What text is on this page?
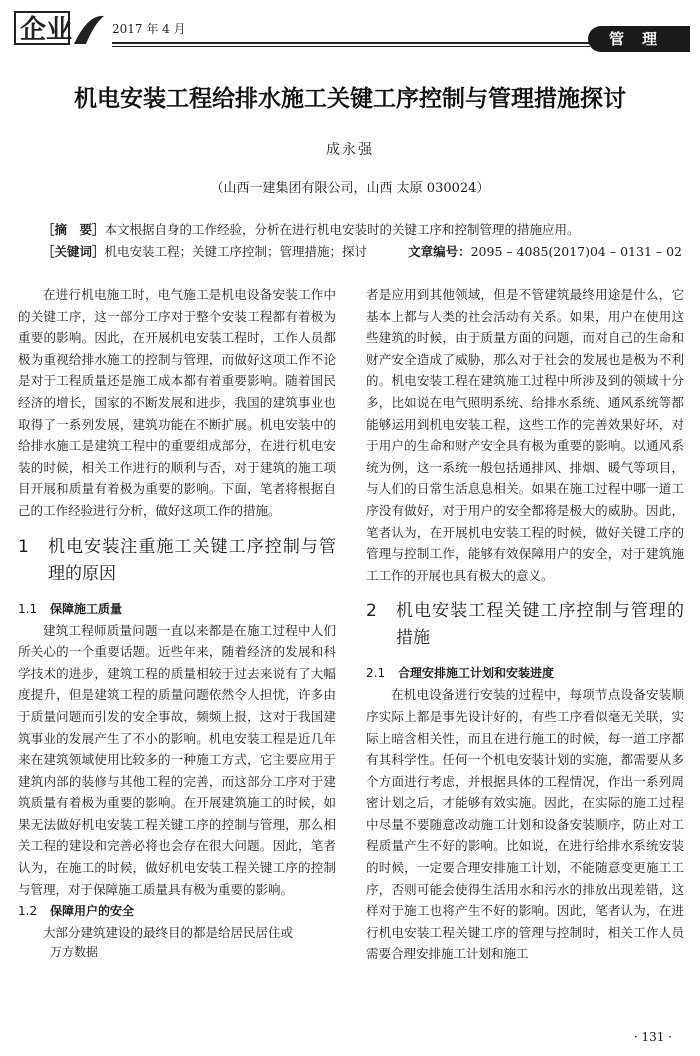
企业	2017 年 4 月
管理
机电安装工程给排水施工关键工序控制与管理措施探讨
成永强
（山西一建集团有限公司，山西 太原 030024）
［摘　要］本文根据自身的工作经验，分析在进行机电安装时的关键工序和控制管理的措施应用。
［关键词］机电安装工程；关键工序控制；管理措施；探讨	文章编号：2095 – 4085(2017)04 – 0131 – 02

在进行机电施工时，电气施工是机电设备安装工作中的关键工序，这一部分工序对于整个安装工程都有着极为重要的影响。因此，在开展机电安装工程时，工作人员都极为重视给排水施工的控制与管理，而做好这项工作不论是对于工程质量还是施工成本都有着重要影响。随着国民经济的增长，国家的不断发展和进步，我国的建筑事业也取得了一系列发展，建筑功能在不断扩展。机电安装中的给排水施工是建筑工程中的重要组成部分，在进行机电安装的时候，相关工作进行的顺利与否，对于建筑的施工项目开展和质量有着极为重要的影响。下面，笔者将根据自己的工作经验进行分析，做好这项工作的措施。

1	机电安装注重施工关键工序控制与管理的原因
1.1 保障施工质量

建筑工程师质量问题一直以来都是在施工过程中人们所关心的一个重要话题。近些年来，随着经济的发展和科学技术的进步，建筑工程的质量相较于过去来说有了大幅度提升，但是建筑工程的质量问题依然令人担忧，许多由于质量问题而引发的安全事故，频频上报，这对于我国建筑事业的发展产生了不小的影响。机电安装工程是近几年来在建筑领域使用比较多的一种施工方式，它主要应用于建筑内部的装修与其他工程的完善，而这部分工序对于建筑质量有着极为重要的影响。在开展建筑施工的时候，如果无法做好机电安装工程关键工序的控制与管理，那么相关工程的建设和完善必将也会存在很大问题。因此，笔者认为，在施工的时候，做好机电安装工程关键工序的控制与管理，对于保障施工质量具有极为重要的影响。

1.2 保障用户的安全

大部分建筑建设的最终目的都是给居民居住或

万方数据

者是应用到其他领域，但是不管建筑最终用途是什么，它基本上都与人类的社会活动有关系。如果，用户在使用这些建筑的时候，由于质量方面的问题，而对自己的生命和财产安全造成了威胁，那么对于社会的发展也是极为不利的。机电安装工程在建筑施工过程中所涉及到的领域十分多，比如说在电气照明系统、给排水系统、通风系统等都能够运用到机电安装工程，这些工作的完善效果好坏，对于用户的生命和财产安全具有极为重要的影响。以通风系统为例，这一系统一般包括通排风、排烟、暖气等项目，与人们的日常生活息息相关。如果在施工过程中哪一道工序没有做好，对于用户的安全都将是极大的威胁。因此，笔者认为，在开展机电安装工程的时候，做好关键工序的管理与控制工作，能够有效保障用户的安全，对于建筑施工工作的开展也具有极大的意义。

2	机电安装工程关键工序控制与管理的措施
2.1 合理安排施工计划和安装进度

在机电设备进行安装的过程中，每项节点设备安装顺序实际上都是事先设计好的，有些工序看似毫无关联，实际上暗含相关性，而且在进行施工的时候，每一道工序都有其科学性。任何一个机电安装计划的实施，都需要从多个方面进行考虑，并根据具体的工程情况，作出一系列周密计划之后，才能够有效实施。因此，在实际的施工过程中尽量不要随意改动施工计划和设备安装顺序，防止对工程质量产生不好的影响。比如说，在进行给排水系统安装的时候，一定要合理安排施工计划，不能随意变更施工工序，否则可能会使得生活用水和污水的排放出现差错，这样对于施工也将产生不好的影响。因此，笔者认为，在进行机电安装工程关键工序的管理与控制时，相关工作人员需要合理安排施工计划和施工

· 131 ·
